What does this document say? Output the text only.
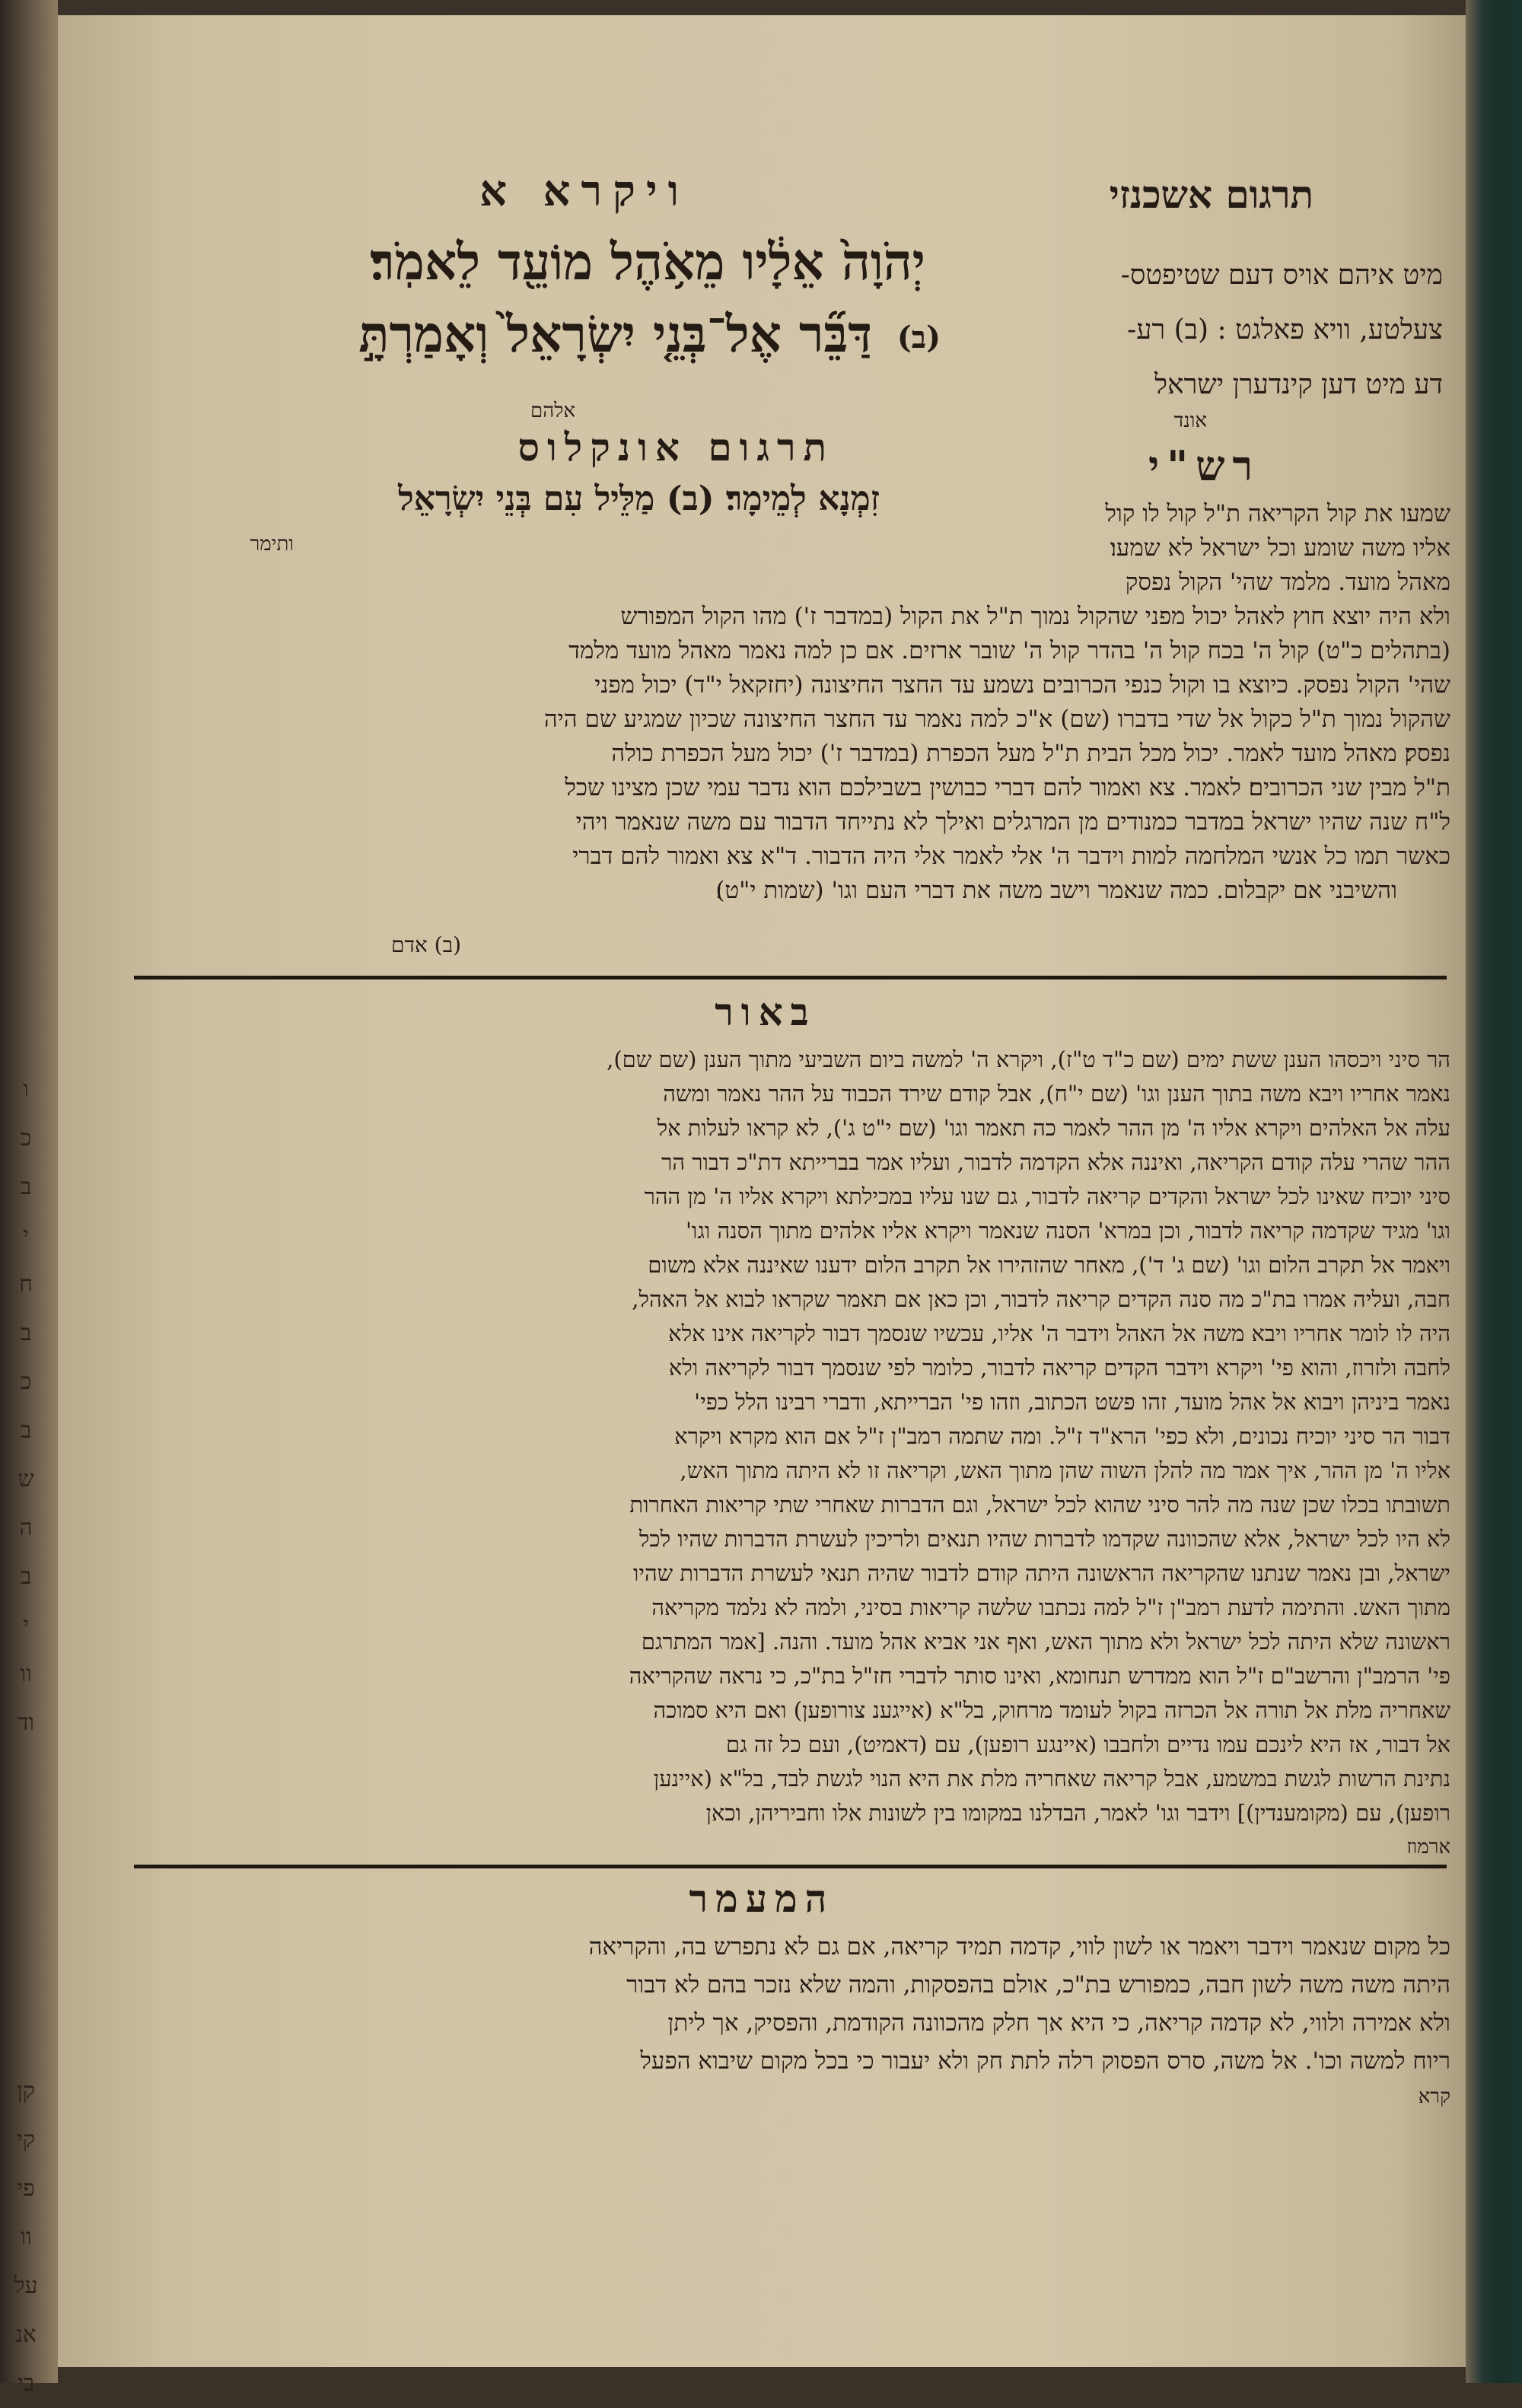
ו
כ
ב
י
ח
ב
כ
ב
ש
ה
ב
י
וו
וד
קן
קי
פי
וו
על
אנ
בי
ויקרא א	תרגום אשכנזי
יְהֹוָה֙ אֵלָ֔יו מֵאֹ֥הֶל מוֹעֵ֖ד לֵאמֹֽר׃
(ב)
דַּבֵּ֞ר אֶל־בְּנֵ֤י יִשְׂרָאֵל֙ וְאָמַרְתָּ֣
מיט איהם אויס דעם שטיפטס-
צעלטע, וויא פאלגט : (ב) רע-
דע מיט דען קינדערן ישראל
אונד
אלהם
תרגום אונקלוס
זִמְנָא לְמֵימָר׃ (ב) מַלֵּיל עִם בְּנֵי יִשְׂרָאֵל
ותימר
רש"י
שמעו את קול הקריאה ת"ל קול לו קול
אליו משה שומע וכל ישראל לא שמעו׃
מאהל מועד. מלמד שהי' הקול נפסק
ולא היה יוצא חוץ לאהל יכול מפני שהקול נמוך ת"ל את הקול (במדבר ז') מהו הקול המפורש
(בתהלים כ"ט) קול ה' בכח קול ה' בהדר קול ה' שובר ארזים. אם כן למה נאמר מאהל מועד מלמד
שהי' הקול נפסק. כיוצא בו וקול כנפי הכרובים נשמע עד החצר החיצונה (יחזקאל י"ד) יכול מפני
שהקול נמוך ת"ל כקול אל שדי בדברו (שם) א"כ למה נאמר עד החצר החיצונה שכיון שמגיע שם היה
נפסק׃ מאהל מועד לאמר. יכול מכל הבית ת"ל מעל הכפרת (במדבר ז') יכול מעל הכפרת כולה
ת"ל מבין שני הכרובים׃ לאמר. צא ואמור להם דברי כבושין בשבילכם הוא נדבר עמי שכן מצינו שכל
ל"ח שנה שהיו ישראל במדבר כמנודים מן המרגלים ואילך לא נתייחד הדבור עם משה שנאמר ויהי
כאשר תמו כל אנשי המלחמה למות וידבר ה' אלי לאמר אלי היה הדבור. ד"א צא ואמור להם דברי
והשיבני אם יקבלום. כמה שנאמר וישב משה את דברי העם וגו' (שמות י"ט)׃
(ב) אדם
באור
הר סיני ויכסהו הענן ששת ימים (שם כ"ד ט"ז), ויקרא ה' למשה ביום השביעי מתוך הענן (שם שם),
נאמר אחריו ויבא משה בתוך הענן וגו' (שם י"ח), אבל קודם שירד הכבוד על ההר נאמר ומשה
עלה אל האלהים ויקרא אליו ה' מן ההר לאמר כה תאמר וגו' (שם י"ט ג'), לא קראו לעלות אל
ההר שהרי עלה קודם הקריאה, ואיננה אלא הקדמה לדבור, ועליו אמר בברייתא דת"כ דבור הר
סיני יוכיח שאינו לכל ישראל והקדים קריאה לדבור, גם שנו עליו במכילתא ויקרא אליו ה' מן ההר
וגו' מגיד שקדמה קריאה לדבור, וכן במרא' הסנה שנאמר ויקרא אליו אלהים מתוך הסנה וגו'
ויאמר אל תקרב הלום וגו' (שם ג' ד'), מאחר שהזהירו אל תקרב הלום ידענו שאיננה אלא משום
חבה, ועליה אמרו בת"כ מה סנה הקדים קריאה לדבור, וכן כאן אם תאמר שקראו לבוא אל האהל,
היה לו לומר אחריו ויבא משה אל האהל וידבר ה' אליו, עכשיו שנסמך דבור לקריאה אינו אלא
לחבה ולזרוז, והוא פי' ויקרא וידבר הקדים קריאה לדבור, כלומר לפי שנסמך דבור לקריאה ולא
נאמר ביניהן ויבוא אל אהל מועד, זהו פשט הכתוב, וזהו פי' הברייתא, ודברי רבינו הלל כפי'
דבור הר סיני יוכיח נכונים, ולא כפי' הרא"ד ז"ל. ומה שתמה רמב"ן ז"ל אם הוא מקרא ויקרא
אליו ה' מן ההר, איך אמר מה להלן השוה שהן מתוך האש, וקריאה זו לא היתה מתוך האש,
תשובתו בכלו שכן שנה מה להר סיני שהוא לכל ישראל, וגם הדברות שאחרי שתי קריאות האחרות
לא היו לכל ישראל, אלא שהכוונה שקדמו לדברות שהיו תנאים ולריכין לעשרת הדברות שהיו לכל
ישראל, ובן נאמר שנתנו שהקריאה הראשונה היתה קודם לדבור שהיה תנאי לעשרת הדברות שהיו
מתוך האש. והתימה לדעת רמב"ן ז"ל למה נכתבו שלשה קריאות בסיני, ולמה לא נלמד מקריאה
ראשונה שלא היתה לכל ישראל ולא מתוך האש, ואף אני אביא אהל מועד. והנה. [אמר המתרגם
פי' הרמב"ן והרשב"ם ז"ל הוא ממדרש תנחומא, ואינו סותר לדברי חז"ל בת"כ, כי נראה שהקריאה
שאחריה מלת אל תורה אל הכרזה בקול לעומד מרחוק, בל"א (אייגענ צורופען) ואם היא סמוכה
אל דבור, אז היא לינכם עמו נדיים ולחבבו (איינגע רופען), עם (דאמיט), ועם כל זה גם
נתינת הרשות לגשת במשמע, אבל קריאה שאחריה מלת את היא הנוי לגשת לבד, בל"א (איינען
רופען), עם (מקומענדין)]׃ וידבר וגו' לאמר, הבדלנו במקומו בין לשונות אלו וחביריהן, וכאן
ארמוז
המעמר
כל מקום שנאמר וידבר ויאמר או לשון לווי, קדמה תמיד קריאה, אם גם לא נתפרש בה, והקריאה
היתה משה משה לשון חבה, כמפורש בת"כ, אולם בהפסקות, והמה שלא נזכר בהם לא דבור
ולא אמירה ולווי, לא קדמה קריאה, כי היא אך חלק מהכוונה הקודמת, והפסיק, אך ליתן
ריוח למשה וכו'. אל משה, סרס הפסוק רלה לתת חק ולא יעבור כי בכל מקום שיבוא הפעל
קרא
